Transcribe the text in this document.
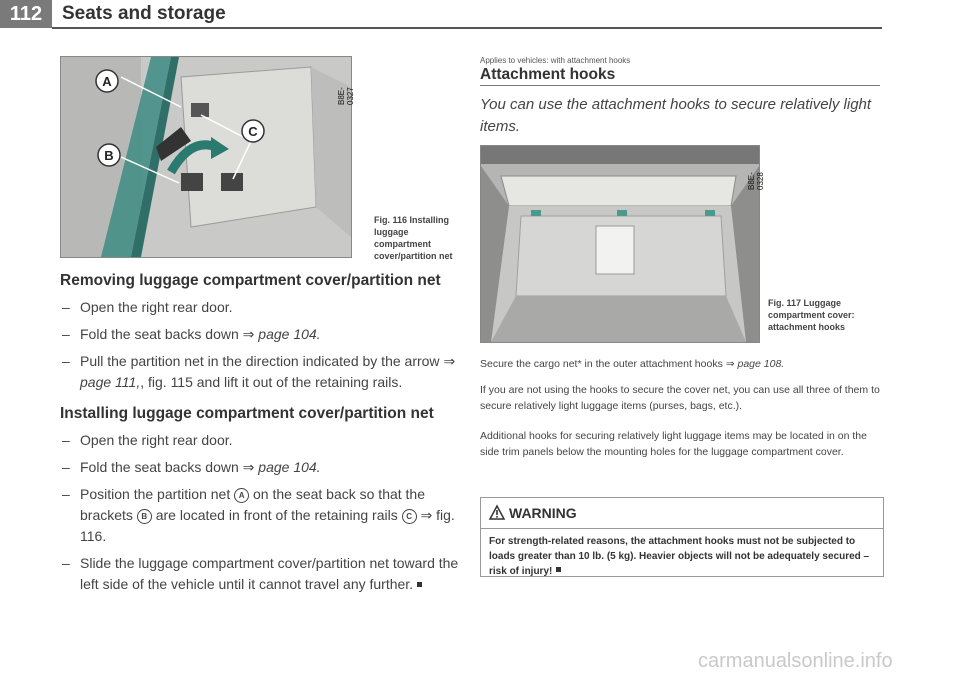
112	Seats and storage
A
B
C
B8E-0327
Fig. 116 Installing luggage compartment cover/partition net
Removing luggage compartment cover/partition net
– Open the right rear door.
– Fold the seat backs down ⇒ page 104.
– Pull the partition net in the direction indicated by the arrow ⇒ page 111,, fig. 115 and lift it out of the retaining rails.
Installing luggage compartment cover/partition net
– Open the right rear door.
– Fold the seat backs down ⇒ page 104.
– Position the partition net A on the seat back so that the brackets B are located in front of the retaining rails C ⇒ fig. 116.
– Slide the luggage compartment cover/partition net toward the left side of the vehicle until it cannot travel any further.
Applies to vehicles: with attachment hooks
Attachment hooks
You can use the attachment hooks to secure relatively light items.
B8E-0328
Fig. 117 Luggage compartment cover: attachment hooks
Secure the cargo net* in the outer attachment hooks ⇒ page 108.
If you are not using the hooks to secure the cover net, you can use all three of them to secure relatively light luggage items (purses, bags, etc.).
Additional hooks for securing relatively light luggage items may be located in on the side trim panels below the mounting holes for the luggage compartment cover.
WARNING
For strength-related reasons, the attachment hooks must not be subjected to loads greater than 10 lb. (5 kg). Heavier objects will not be adequately secured – risk of injury!
carmanualsonline.info
